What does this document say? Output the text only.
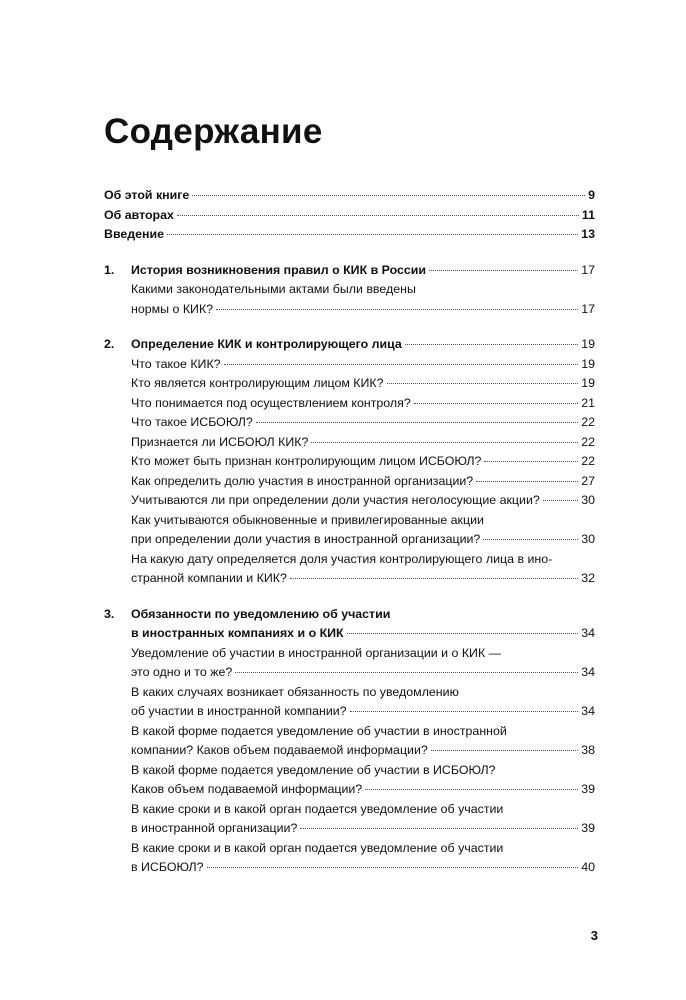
Содержание
Об этой книге	9
Об авторах	11
Введение	13
1. История возникновения правил о КИК в России	17
Какими законодательными актами были введены
нормы о КИК?	17
2. Определение КИК и контролирующего лица	19
Что такое КИК?	19
Кто является контролирующим лицом КИК?	19
Что понимается под осуществлением контроля?	21
Что такое ИСБОЮЛ?	22
Признается ли ИСБОЮЛ КИК?	22
Кто может быть признан контролирующим лицом ИСБОЮЛ?	22
Как определить долю участия в иностранной организации?	27
Учитываются ли при определении доли участия неголосующие акции?	30
Как учитываются обыкновенные и привилегированные акции
при определении доли участия в иностранной организации?	30
На какую дату определяется доля участия контролирующего лица в ино-
странной компании и КИК?	32
3. Обязанности по уведомлению об участии
в иностранных компаниях и о КИК	34
Уведомление об участии в иностранной организации и о КИК —
это одно и то же?	34
В каких случаях возникает обязанность по уведомлению
об участии в иностранной компании?	34
В какой форме подается уведомление об участии в иностранной
компании? Каков объем подаваемой информации?	38
В какой форме подается уведомление об участии в ИСБОЮЛ?
Каков объем подаваемой информации?	39
В какие сроки и в какой орган подается уведомление об участии
в иностранной организации?	39
В какие сроки и в какой орган подается уведомление об участии
в ИСБОЮЛ?	40
3
